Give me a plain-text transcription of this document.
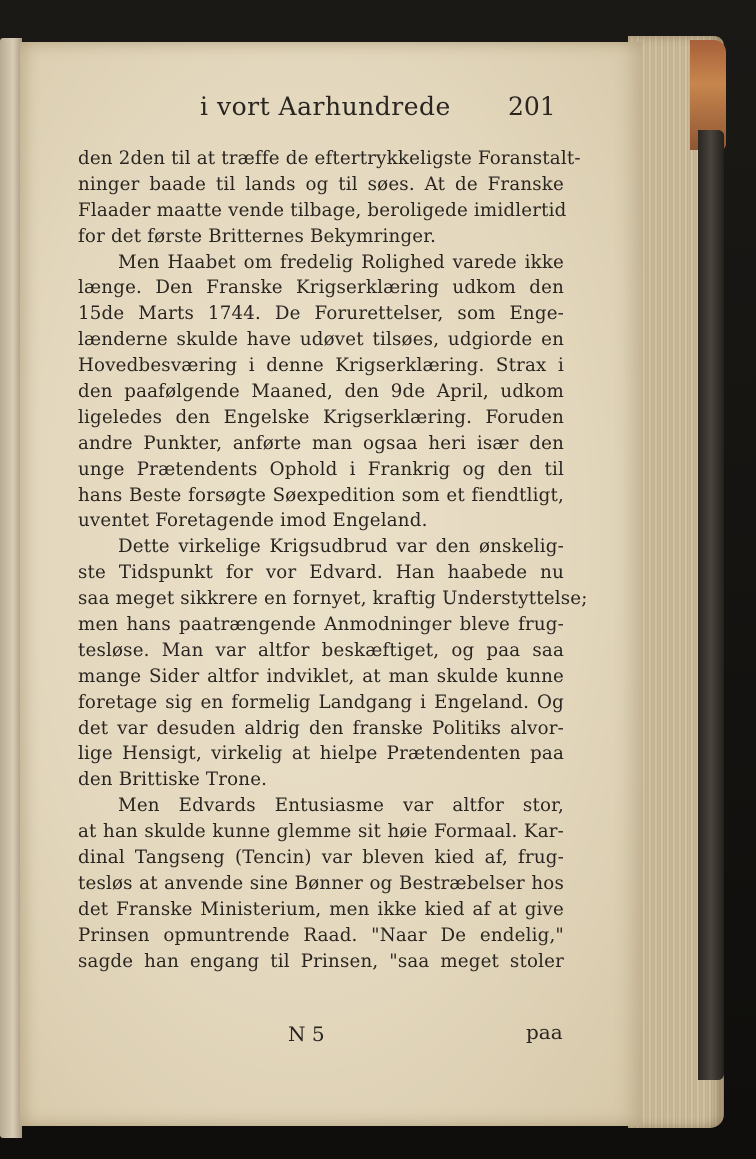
i vort Aarhundrede 201
den 2den til at træffe de eftertrykkeligste Foranstalt-
ninger baade til lands og til søes. At de Franske
Flaader maatte vende tilbage, beroligede imidlertid
for det første Britternes Bekymringer.
Men Haabet om fredelig Rolighed varede ikke
længe. Den Franske Krigserklæring udkom den
15de Marts 1744. De Forurettelser, som Enge-
lænderne skulde have udøvet tilsøes, udgiorde en
Hovedbesværing i denne Krigserklæring. Strax i
den paafølgende Maaned, den 9de April, udkom
ligeledes den Engelske Krigserklæring. Foruden
andre Punkter, anførte man ogsaa heri især den
unge Prætendents Ophold i Frankrig og den til
hans Beste forsøgte Søexpedition som et fiendtligt,
uventet Foretagende imod Engeland.
Dette virkelige Krigsudbrud var den ønskelig-
ste Tidspunkt for vor Edvard. Han haabede nu
saa meget sikkrere en fornyet, kraftig Understyttelse;
men hans paatrængende Anmodninger bleve frug-
tesløse. Man var altfor beskæftiget, og paa saa
mange Sider altfor indviklet, at man skulde kunne
foretage sig en formelig Landgang i Engeland. Og
det var desuden aldrig den franske Politiks alvor-
lige Hensigt, virkelig at hielpe Prætendenten paa
den Brittiske Trone.
Men Edvards Entusiasme var altfor stor,
at han skulde kunne glemme sit høie Formaal. Kar-
dinal Tangseng (Tencin) var bleven kied af, frug-
tesløs at anvende sine Bønner og Bestræbelser hos
det Franske Ministerium, men ikke kied af at give
Prinsen opmuntrende Raad. "Naar De endelig,"
sagde han engang til Prinsen, "saa meget stoler
N 5	paa
